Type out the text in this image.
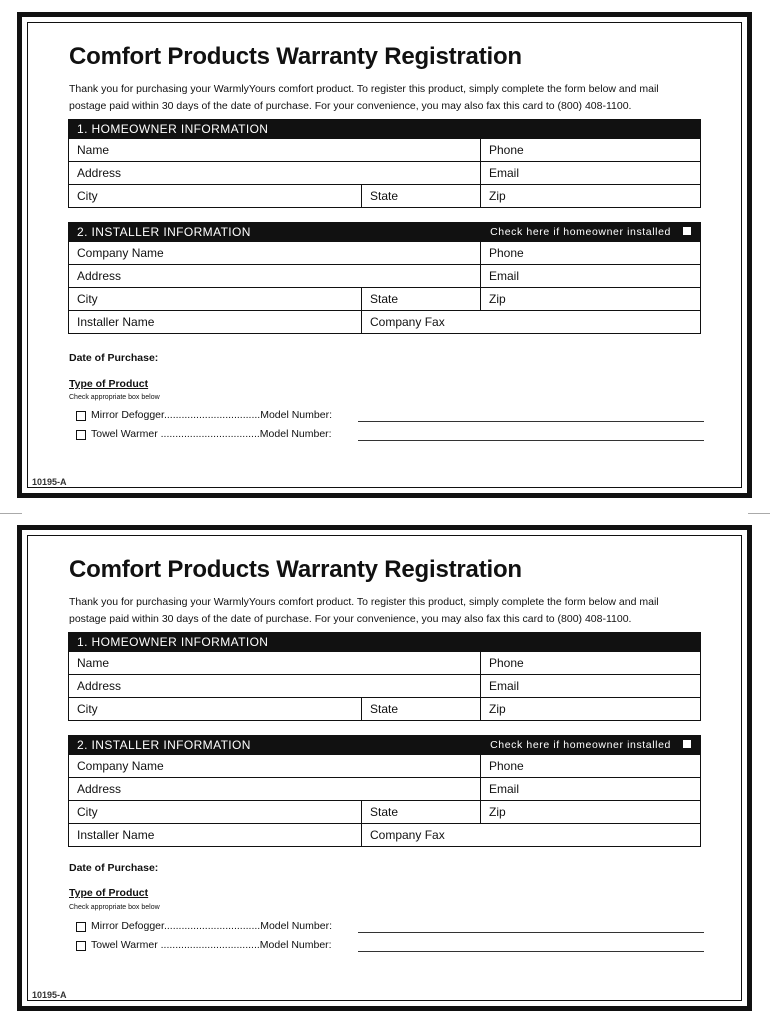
Comfort Products Warranty Registration
Thank you for purchasing your WarmlyYours comfort product. To register this product, simply complete the form below and mail
postage paid within 30 days of the date of purchase. For your convenience, you may also fax this card to (800) 408-1100.
1. HOMEOWNER INFORMATION
Name	Phone
Address	Email
City	State	Zip
2. INSTALLER INFORMATION	Check here if homeowner installed
Company Name	Phone
Address	Email
City	State	Zip
Installer Name	Company Fax

Date of Purchase:

Type of Product

Check appropriate box below

Mirror Defogger.................................Model Number:
Towel Warmer ..................................Model Number:

10195-A

Comfort Products Warranty Registration
Thank you for purchasing your WarmlyYours comfort product. To register this product, simply complete the form below and mail
postage paid within 30 days of the date of purchase. For your convenience, you may also fax this card to (800) 408-1100.
1. HOMEOWNER INFORMATION
Name	Phone
Address	Email
City	State	Zip
2. INSTALLER INFORMATION	Check here if homeowner installed
Company Name	Phone
Address	Email
City	State	Zip
Installer Name	Company Fax

Date of Purchase:

Type of Product

Check appropriate box below

Mirror Defogger.................................Model Number:
Towel Warmer ..................................Model Number:

10195-A
